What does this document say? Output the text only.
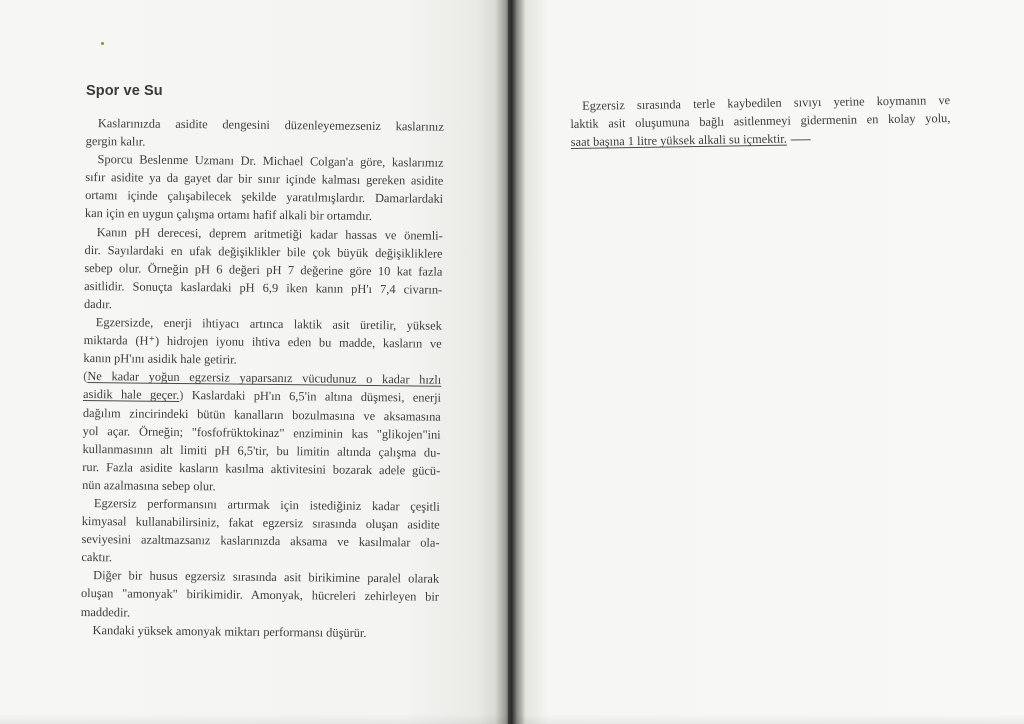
Spor ve Su

Kaslarınızda asidite dengesini düzenleyemezseniz kaslarınız
gergin kalır.

Sporcu Beslenme Uzmanı Dr. Michael Colgan'a göre, kaslarımız
sıfır asidite ya da gayet dar bir sınır içinde kalması gereken asidite
ortamı içinde çalışabilecek şekilde yaratılmışlardır. Damarlardaki
kan için en uygun çalışma ortamı hafif alkali bir ortamdır.

Kanın pH derecesi, deprem aritmetiği kadar hassas ve önemli-
dir. Sayılardaki en ufak değişiklikler bile çok büyük değişikliklere
sebep olur. Örneğin pH 6 değeri pH 7 değerine göre 10 kat fazla
asitlidir. Sonuçta kaslardaki pH 6,9 iken kanın pH'ı 7,4 civarın-
dadır.

Egzersizde, enerji ihtiyacı artınca laktik asit üretilir, yüksek
miktarda (H⁺) hidrojen iyonu ihtiva eden bu madde, kasların ve
kanın pH'ını asidik hale getirir.

(Ne kadar yoğun egzersiz yaparsanız vücudunuz o kadar hızlı
asidik hale geçer.) Kaslardaki pH'ın 6,5'in altına düşmesi, enerji
dağılım zincirindeki bütün kanalların bozulmasına ve aksamasına
yol açar. Örneğin; "fosfofrüktokinaz" enziminin kas "glikojen"ini
kullanmasının alt limiti pH 6,5'tir, bu limitin altında çalışma du-
rur. Fazla asidite kasların kasılma aktivitesini bozarak adele gücü-
nün azalmasına sebep olur.

Egzersiz performansını artırmak için istediğiniz kadar çeşitli
kimyasal kullanabilirsiniz, fakat egzersiz sırasında oluşan asidite
seviyesini azaltmazsanız kaslarınızda aksama ve kasılmalar ola-
caktır.

Diğer bir husus egzersiz sırasında asit birikimine paralel olarak
oluşan "amonyak" birikimidir. Amonyak, hücreleri zehirleyen bir
maddedir.

Kandaki yüksek amonyak miktarı performansı düşürür.

Egzersiz sırasında terle kaybedilen sıvıyı yerine koymanın ve
laktik asit oluşumuna bağlı asitlenmeyi gidermenin en kolay yolu,
saat başına 1 litre yüksek alkali su içmektir.
